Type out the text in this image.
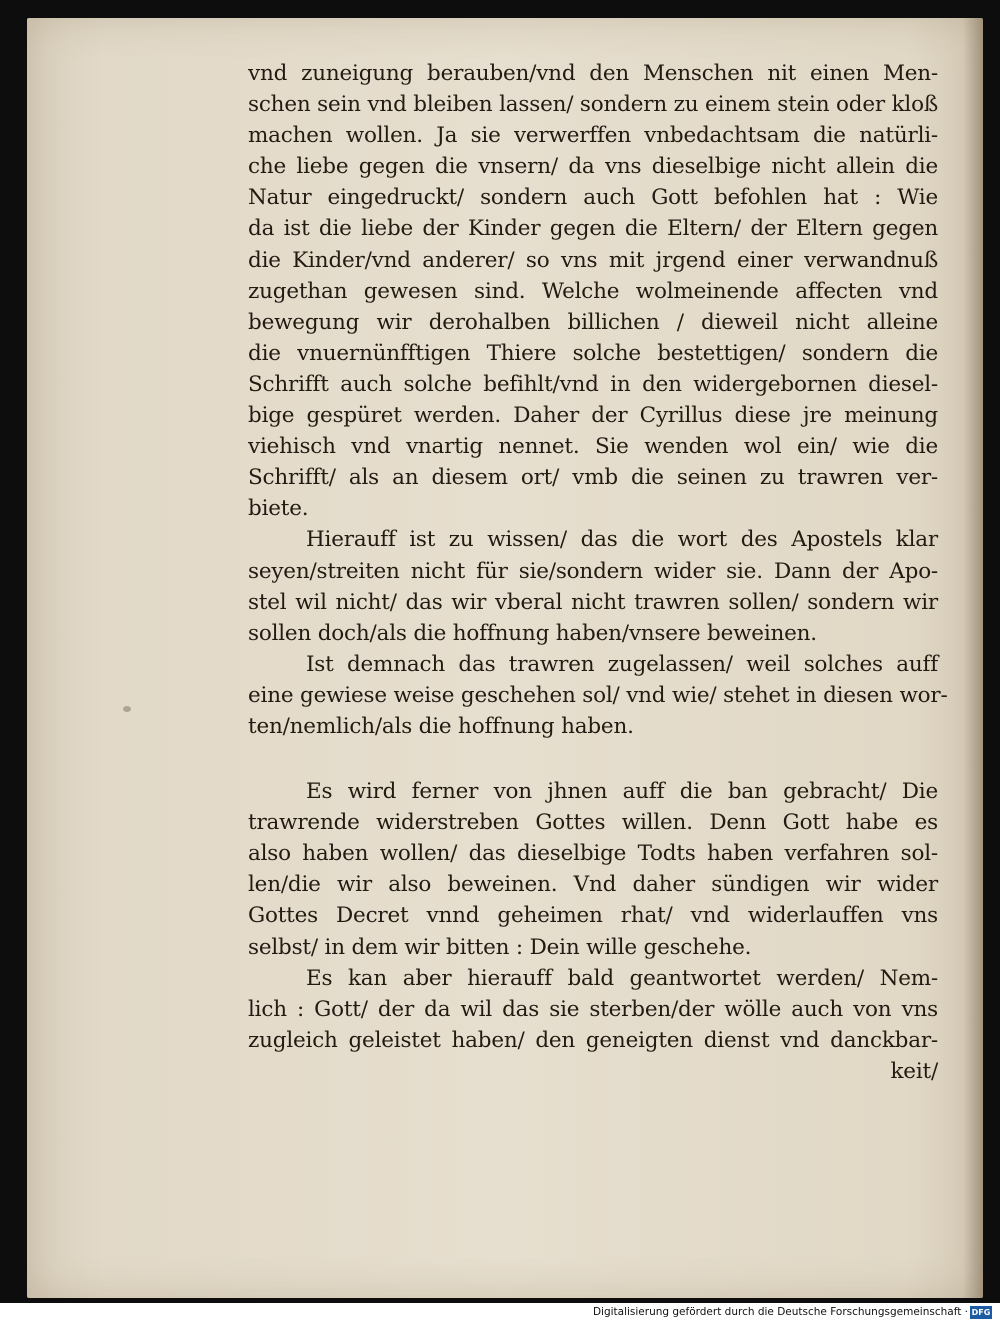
vnd zuneigung berauben/vnd den Menschen nit einen Men-
schen sein vnd bleiben lassen/ sondern zu einem stein oder kloß
machen wollen. Ja sie verwerffen vnbedachtsam die natürli-
che liebe gegen die vnsern/ da vns dieselbige nicht allein die
Natur eingedruckt/ sondern auch Gott befohlen hat : Wie
da ist die liebe der Kinder gegen die Eltern/ der Eltern gegen
die Kinder/vnd anderer/ so vns mit jrgend einer verwandnuß
zugethan gewesen sind. Welche wolmeinende affecten vnd
bewegung wir derohalben billichen / dieweil nicht alleine
die vnuernünfftigen Thiere solche bestettigen/ sondern die
Schrifft auch solche befihlt/vnd in den widergebornen diesel-
bige gespüret werden. Daher der Cyrillus diese jre meinung
viehisch vnd vnartig nennet. Sie wenden wol ein/ wie die
Schrifft/ als an diesem ort/ vmb die seinen zu trawren ver-
biete.
Hierauff ist zu wissen/ das die wort des Apostels klar
seyen/streiten nicht für sie/sondern wider sie. Dann der Apo-
stel wil nicht/ das wir vberal nicht trawren sollen/ sondern wir
sollen doch/als die hoffnung haben/vnsere beweinen.
Ist demnach das trawren zugelassen/ weil solches auff
eine gewiese weise geschehen sol/ vnd wie/ stehet in diesen wor-
ten/nemlich/als die hoffnung haben.
Es wird ferner von jhnen auff die ban gebracht/ Die
trawrende widerstreben Gottes willen. Denn Gott habe es
also haben wollen/ das dieselbige Todts haben verfahren sol-
len/die wir also beweinen. Vnd daher sündigen wir wider
Gottes Decret vnnd geheimen rhat/ vnd widerlauffen vns
selbst/ in dem wir bitten : Dein wille geschehe.
Es kan aber hierauff bald geantwortet werden/ Nem-
lich : Gott/ der da wil das sie sterben/der wölle auch von vns
zugleich geleistet haben/ den geneigten dienst vnd danckbar-
keit/
Digitalisierung gefördert durch die Deutsche Forschungsgemeinschaft · DFG
